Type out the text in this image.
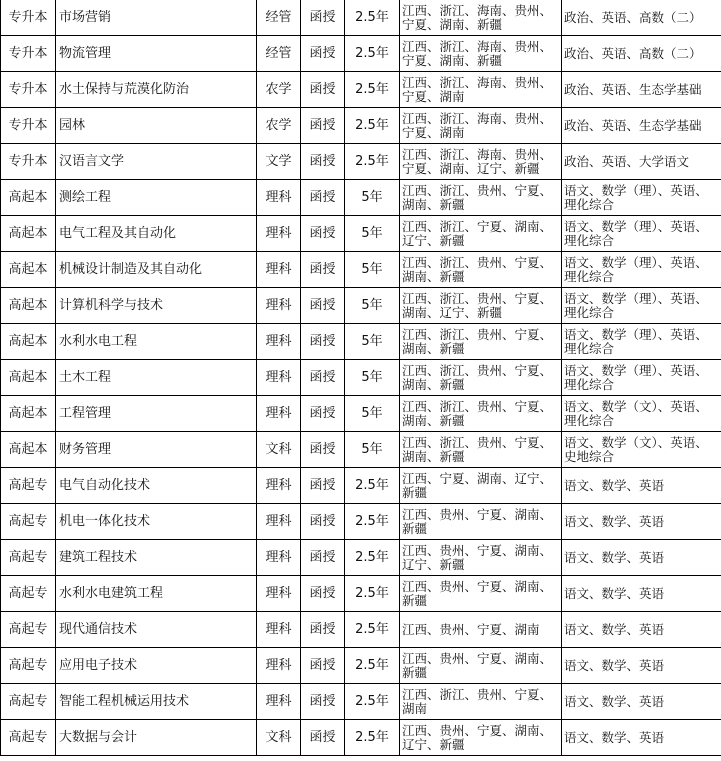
专升本	市场营销	经管	函授	2.5年	江西、浙江、海南、贵州、宁夏、湖南、新疆	政治、英语、高数（二）
专升本	物流管理	经管	函授	2.5年	江西、浙江、海南、贵州、宁夏、湖南、新疆	政治、英语、高数（二）
专升本	水土保持与荒漠化防治	农学	函授	2.5年	江西、浙江、海南、贵州、宁夏、湖南	政治、英语、生态学基础
专升本	园林	农学	函授	2.5年	江西、浙江、海南、贵州、宁夏、湖南	政治、英语、生态学基础
专升本	汉语言文学	文学	函授	2.5年	江西、浙江、海南、贵州、宁夏、湖南、辽宁、新疆	政治、英语、大学语文
高起本	测绘工程	理科	函授	5年	江西、浙江、贵州、宁夏、湖南、新疆	语文、数学（理）、英语、理化综合
高起本	电气工程及其自动化	理科	函授	5年	江西、浙江、宁夏、湖南、辽宁、新疆	语文、数学（理）、英语、理化综合
高起本	机械设计制造及其自动化	理科	函授	5年	江西、浙江、贵州、宁夏、湖南、新疆	语文、数学（理）、英语、理化综合
高起本	计算机科学与技术	理科	函授	5年	江西、浙江、贵州、宁夏、湖南、辽宁、新疆	语文、数学（理）、英语、理化综合
高起本	水利水电工程	理科	函授	5年	江西、浙江、贵州、宁夏、湖南、新疆	语文、数学（理）、英语、理化综合
高起本	土木工程	理科	函授	5年	江西、浙江、贵州、宁夏、湖南、新疆	语文、数学（理）、英语、理化综合
高起本	工程管理	理科	函授	5年	江西、浙江、贵州、宁夏、湖南、新疆	语文、数学（文）、英语、理化综合
高起本	财务管理	文科	函授	5年	江西、浙江、贵州、宁夏、湖南、新疆	语文、数学（文）、英语、史地综合
高起专	电气自动化技术	理科	函授	2.5年	江西、宁夏、湖南、辽宁、新疆	语文、数学、英语
高起专	机电一体化技术	理科	函授	2.5年	江西、贵州、宁夏、湖南、新疆	语文、数学、英语
高起专	建筑工程技术	理科	函授	2.5年	江西、贵州、宁夏、湖南、辽宁、新疆	语文、数学、英语
高起专	水利水电建筑工程	理科	函授	2.5年	江西、贵州、宁夏、湖南、新疆	语文、数学、英语
高起专	现代通信技术	理科	函授	2.5年	江西、贵州、宁夏、湖南	语文、数学、英语
高起专	应用电子技术	理科	函授	2.5年	江西、贵州、宁夏、湖南、新疆	语文、数学、英语
高起专	智能工程机械运用技术	理科	函授	2.5年	江西、浙江、贵州、宁夏、湖南	语文、数学、英语
高起专	大数据与会计	文科	函授	2.5年	江西、贵州、宁夏、湖南、辽宁、新疆	语文、数学、英语
